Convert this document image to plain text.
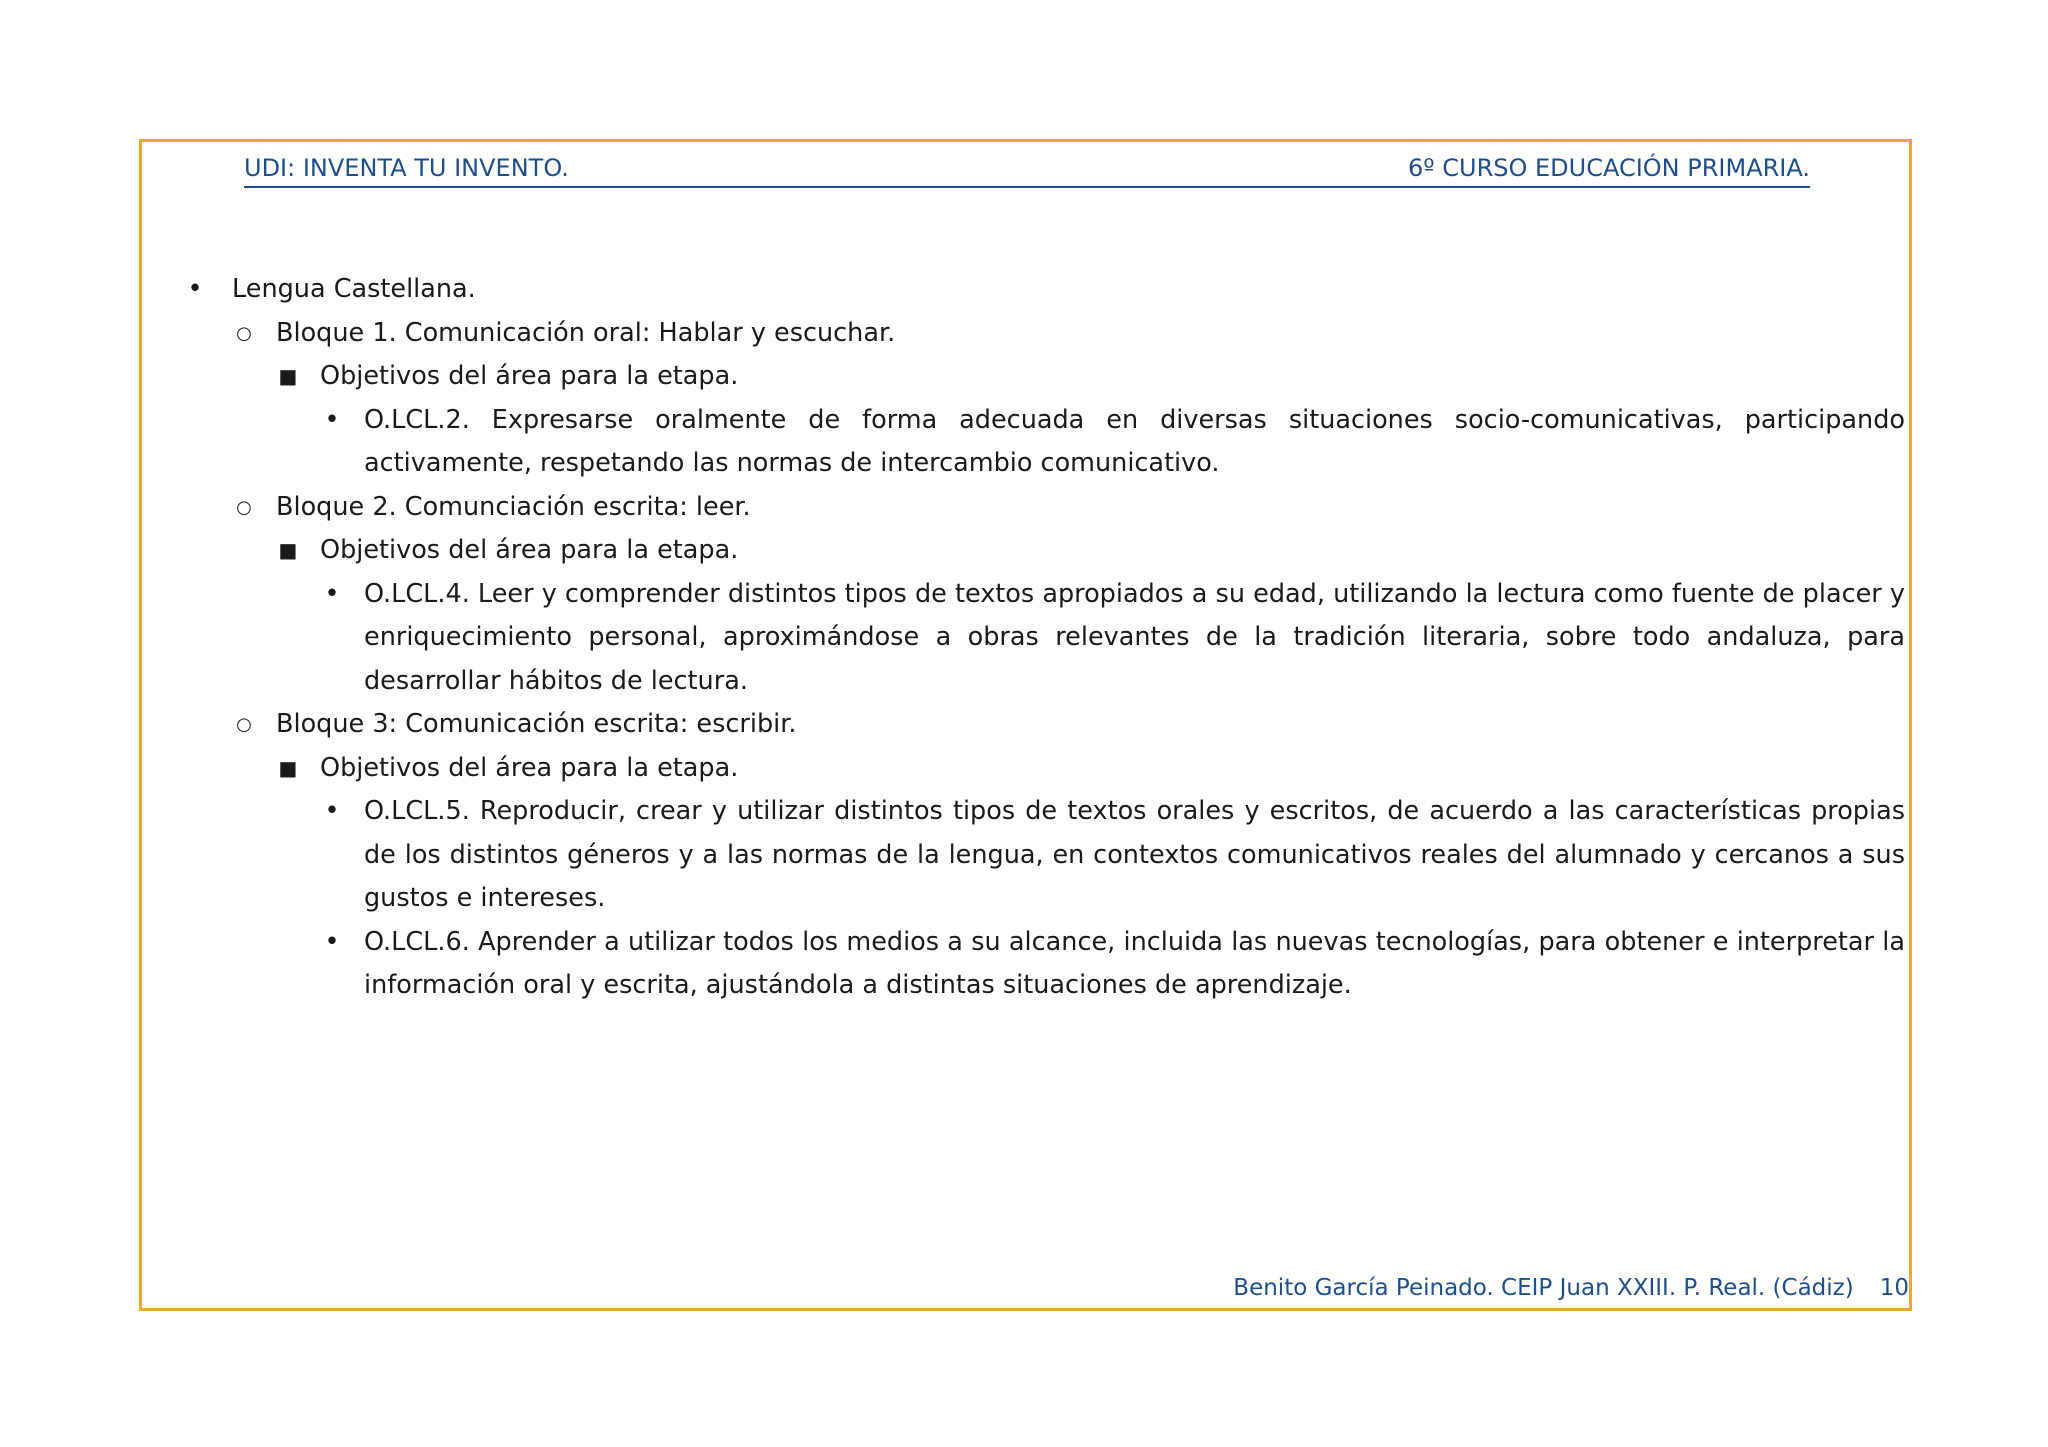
UDI: INVENTA TU INVENTO.	6º CURSO EDUCACIÓN PRIMARIA.
• Lengua Castellana.
○ Bloque 1. Comunicación oral: Hablar y escuchar.
■ Objetivos del área para la etapa.
• O.LCL.2. Expresarse oralmente de forma adecuada en diversas situaciones socio-comunicativas, participando activamente, respetando las normas de intercambio comunicativo.
○ Bloque 2. Comunciación escrita: leer.
■ Objetivos del área para la etapa.
• O.LCL.4. Leer y comprender distintos tipos de textos apropiados a su edad, utilizando la lectura como fuente de placer y enriquecimiento personal, aproximándose a obras relevantes de la tradición literaria, sobre todo andaluza, para desarrollar hábitos de lectura.
○ Bloque 3: Comunicación escrita: escribir.
■ Objetivos del área para la etapa.
• O.LCL.5. Reproducir, crear y utilizar distintos tipos de textos orales y escritos, de acuerdo a las características propias de los distintos géneros y a las normas de la lengua, en contextos comunicativos reales del alumnado y cercanos a sus gustos e intereses.
• O.LCL.6. Aprender a utilizar todos los medios a su alcance, incluida las nuevas tecnologías, para obtener e interpretar la información oral y escrita, ajustándola a distintas situaciones de aprendizaje.
Benito García Peinado. CEIP Juan XXIII. P. Real. (Cádiz) 10
